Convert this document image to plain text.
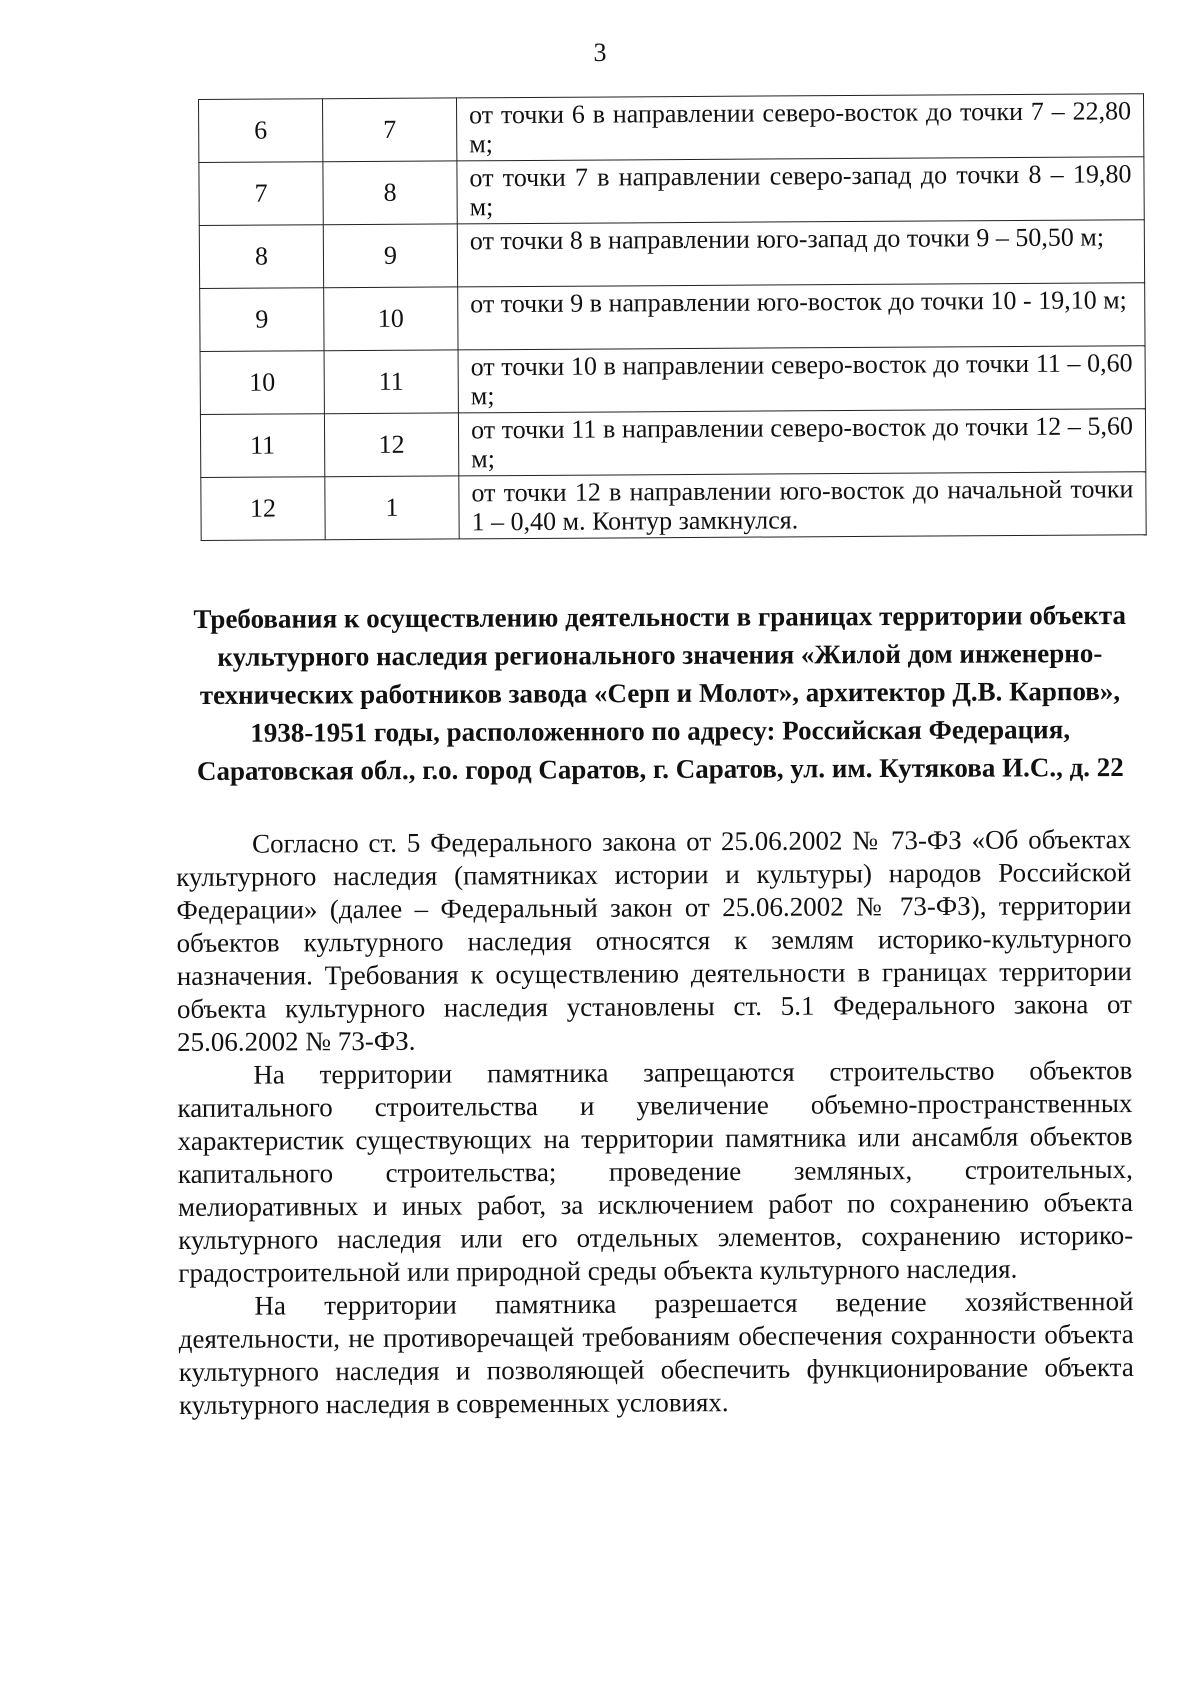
3
6	7	от точки 6 в направлении северо-восток до точки 7 – 22,80 м;
7	8	от точки 7 в направлении северо-запад до точки 8 – 19,80 м;
8	9	от точки 8 в направлении юго-запад до точки 9 – 50,50 м;
9	10	от точки 9 в направлении юго-восток до точки 10 - 19,10 м;
10	11	от точки 10 в направлении северо-восток до точки 11 – 0,60 м;
11	12	от точки 11 в направлении северо-восток до точки 12 – 5,60 м;
12	1	от точки 12 в направлении юго-восток до начальной точки 1 – 0,40 м. Контур замкнулся.
Требования к осуществлению деятельности в границах территории объекта культурного наследия регионального значения «Жилой дом инженерно-технических работников завода «Серп и Молот», архитектор Д.В. Карпов», 1938-1951 годы, расположенного по адресу: Российская Федерация, Саратовская обл., г.о. город Саратов, г. Саратов, ул. им. Кутякова И.С., д. 22

Согласно ст. 5 Федерального закона от 25.06.2002 № 73-ФЗ «Об объектах культурного наследия (памятниках истории и культуры) народов Российской Федерации» (далее – Федеральный закон от 25.06.2002 № 73-ФЗ), территории объектов культурного наследия относятся к землям историко-культурного назначения. Требования к осуществлению деятельности в границах территории объекта культурного наследия установлены ст. 5.1 Федерального закона от 25.06.2002 № 73-ФЗ.

На территории памятника запрещаются строительство объектов капитального строительства и увеличение объемно-пространственных характеристик существующих на территории памятника или ансамбля объектов капитального строительства; проведение земляных, строительных, мелиоративных и иных работ, за исключением работ по сохранению объекта культурного наследия или его отдельных элементов, сохранению историко-градостроительной или природной среды объекта культурного наследия.

На территории памятника разрешается ведение хозяйственной деятельности, не противоречащей требованиям обеспечения сохранности объекта культурного наследия и позволяющей обеспечить функционирование объекта культурного наследия в современных условиях.
